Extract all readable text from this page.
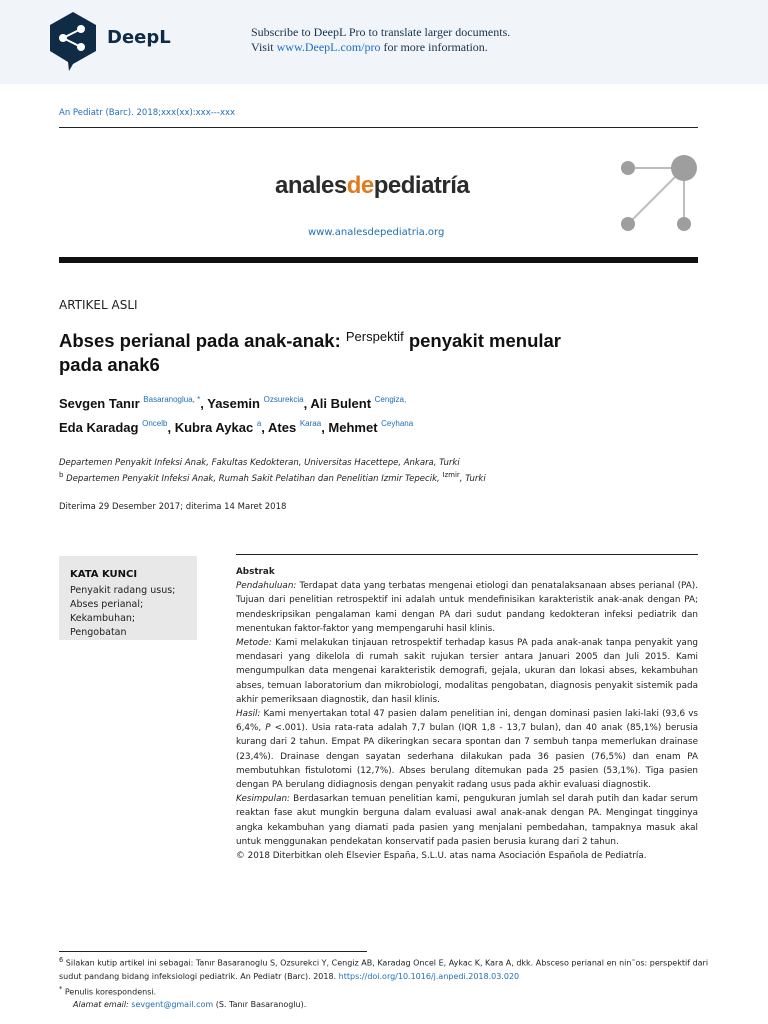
DeepL	Subscribe to DeepL Pro to translate larger documents.
Visit www.DeepL.com/pro for more information.
An Pediatr (Barc). 2018;xxx(xx):xxx---xxx
analesdepediatría
www.analesdepediatria.org
ARTIKEL ASLI
Abses perianal pada anak-anak: $^{Perspektif}$ penyakit menular
pada anak6
Sevgen Tanır $^{Basaranoglua, *}$, Yasemin $^{Ozsurekcia}$, Ali Bulent $^{Cengiza,}$
Eda Karadag $^{Oncelb}$, Kubra Aykac $^a$, Ates $^{Karaa}$, Mehmet $^{Ceyhana}$
Departemen Penyakit Infeksi Anak, Fakultas Kedokteran, Universitas Hacettepe, Ankara, Turki
$^b$ Departemen Penyakit Infeksi Anak, Rumah Sakit Pelatihan dan Penelitian Izmir Tepecik, $^{Izmir}$, Turki
Diterima 29 Desember 2017; diterima 14 Maret 2018
KATA KUNCI
Penyakit radang usus;
Abses perianal;
Kekambuhan;
Pengobatan

Abstrak

Pendahuluan: Terdapat data yang terbatas mengenai etiologi dan penatalaksanaan abses perianal (PA). Tujuan dari penelitian retrospektif ini adalah untuk mendefinisikan karakteristik anak-anak dengan PA; mendeskripsikan pengalaman kami dengan PA dari sudut pandang kedokteran infeksi pediatrik dan menentukan faktor-faktor yang mempengaruhi hasil klinis.

Metode: Kami melakukan tinjauan retrospektif terhadap kasus PA pada anak-anak tanpa penyakit yang mendasari yang dikelola di rumah sakit rujukan tersier antara Januari 2005 dan Juli 2015. Kami mengumpulkan data mengenai karakteristik demografi, gejala, ukuran dan lokasi abses, kekambuhan abses, temuan laboratorium dan mikrobiologi, modalitas pengobatan, diagnosis penyakit sistemik pada akhir pemeriksaan diagnostik, dan hasil klinis.

Hasil: Kami menyertakan total 47 pasien dalam penelitian ini, dengan dominasi pasien laki-laki (93,6 vs 6,4%, P <.001). Usia rata-rata adalah 7,7 bulan (IQR 1,8 - 13,7 bulan), dan 40 anak (85,1%) berusia kurang dari 2 tahun. Empat PA dikeringkan secara spontan dan 7 sembuh tanpa memerlukan drainase (23,4%). Drainase dengan sayatan sederhana dilakukan pada 36 pasien (76,5%) dan enam PA membutuhkan fistulotomi (12,7%). Abses berulang ditemukan pada 25 pasien (53,1%). Tiga pasien dengan PA berulang didiagnosis dengan penyakit radang usus pada akhir evaluasi diagnostik.

Kesimpulan: Berdasarkan temuan penelitian kami, pengukuran jumlah sel darah putih dan kadar serum reaktan fase akut mungkin berguna dalam evaluasi awal anak-anak dengan PA. Mengingat tingginya angka kekambuhan yang diamati pada pasien yang menjalani pembedahan, tampaknya masuk akal untuk menggunakan pendekatan konservatif pada pasien berusia kurang dari 2 tahun.

© 2018 Diterbitkan oleh Elsevier España, S.L.U. atas nama Asociación Española de Pediatría.

$^6$ Silakan kutip artikel ini sebagai: Tanır Basaranoglu S, Ozsurekci Y, Cengiz AB, Karadag Oncel E, Aykac K, Kara A, dkk. Absceso perianal en nin˜os: perspektif dari sudut pandang bidang infeksiologi pediatrik. An Pediatr (Barc). 2018. https://doi.org/10.1016/j.anpedi.2018.03.020

* Penulis korespondensi.

Alamat email: sevgent@gmail.com (S. Tanır Basaranoglu).
